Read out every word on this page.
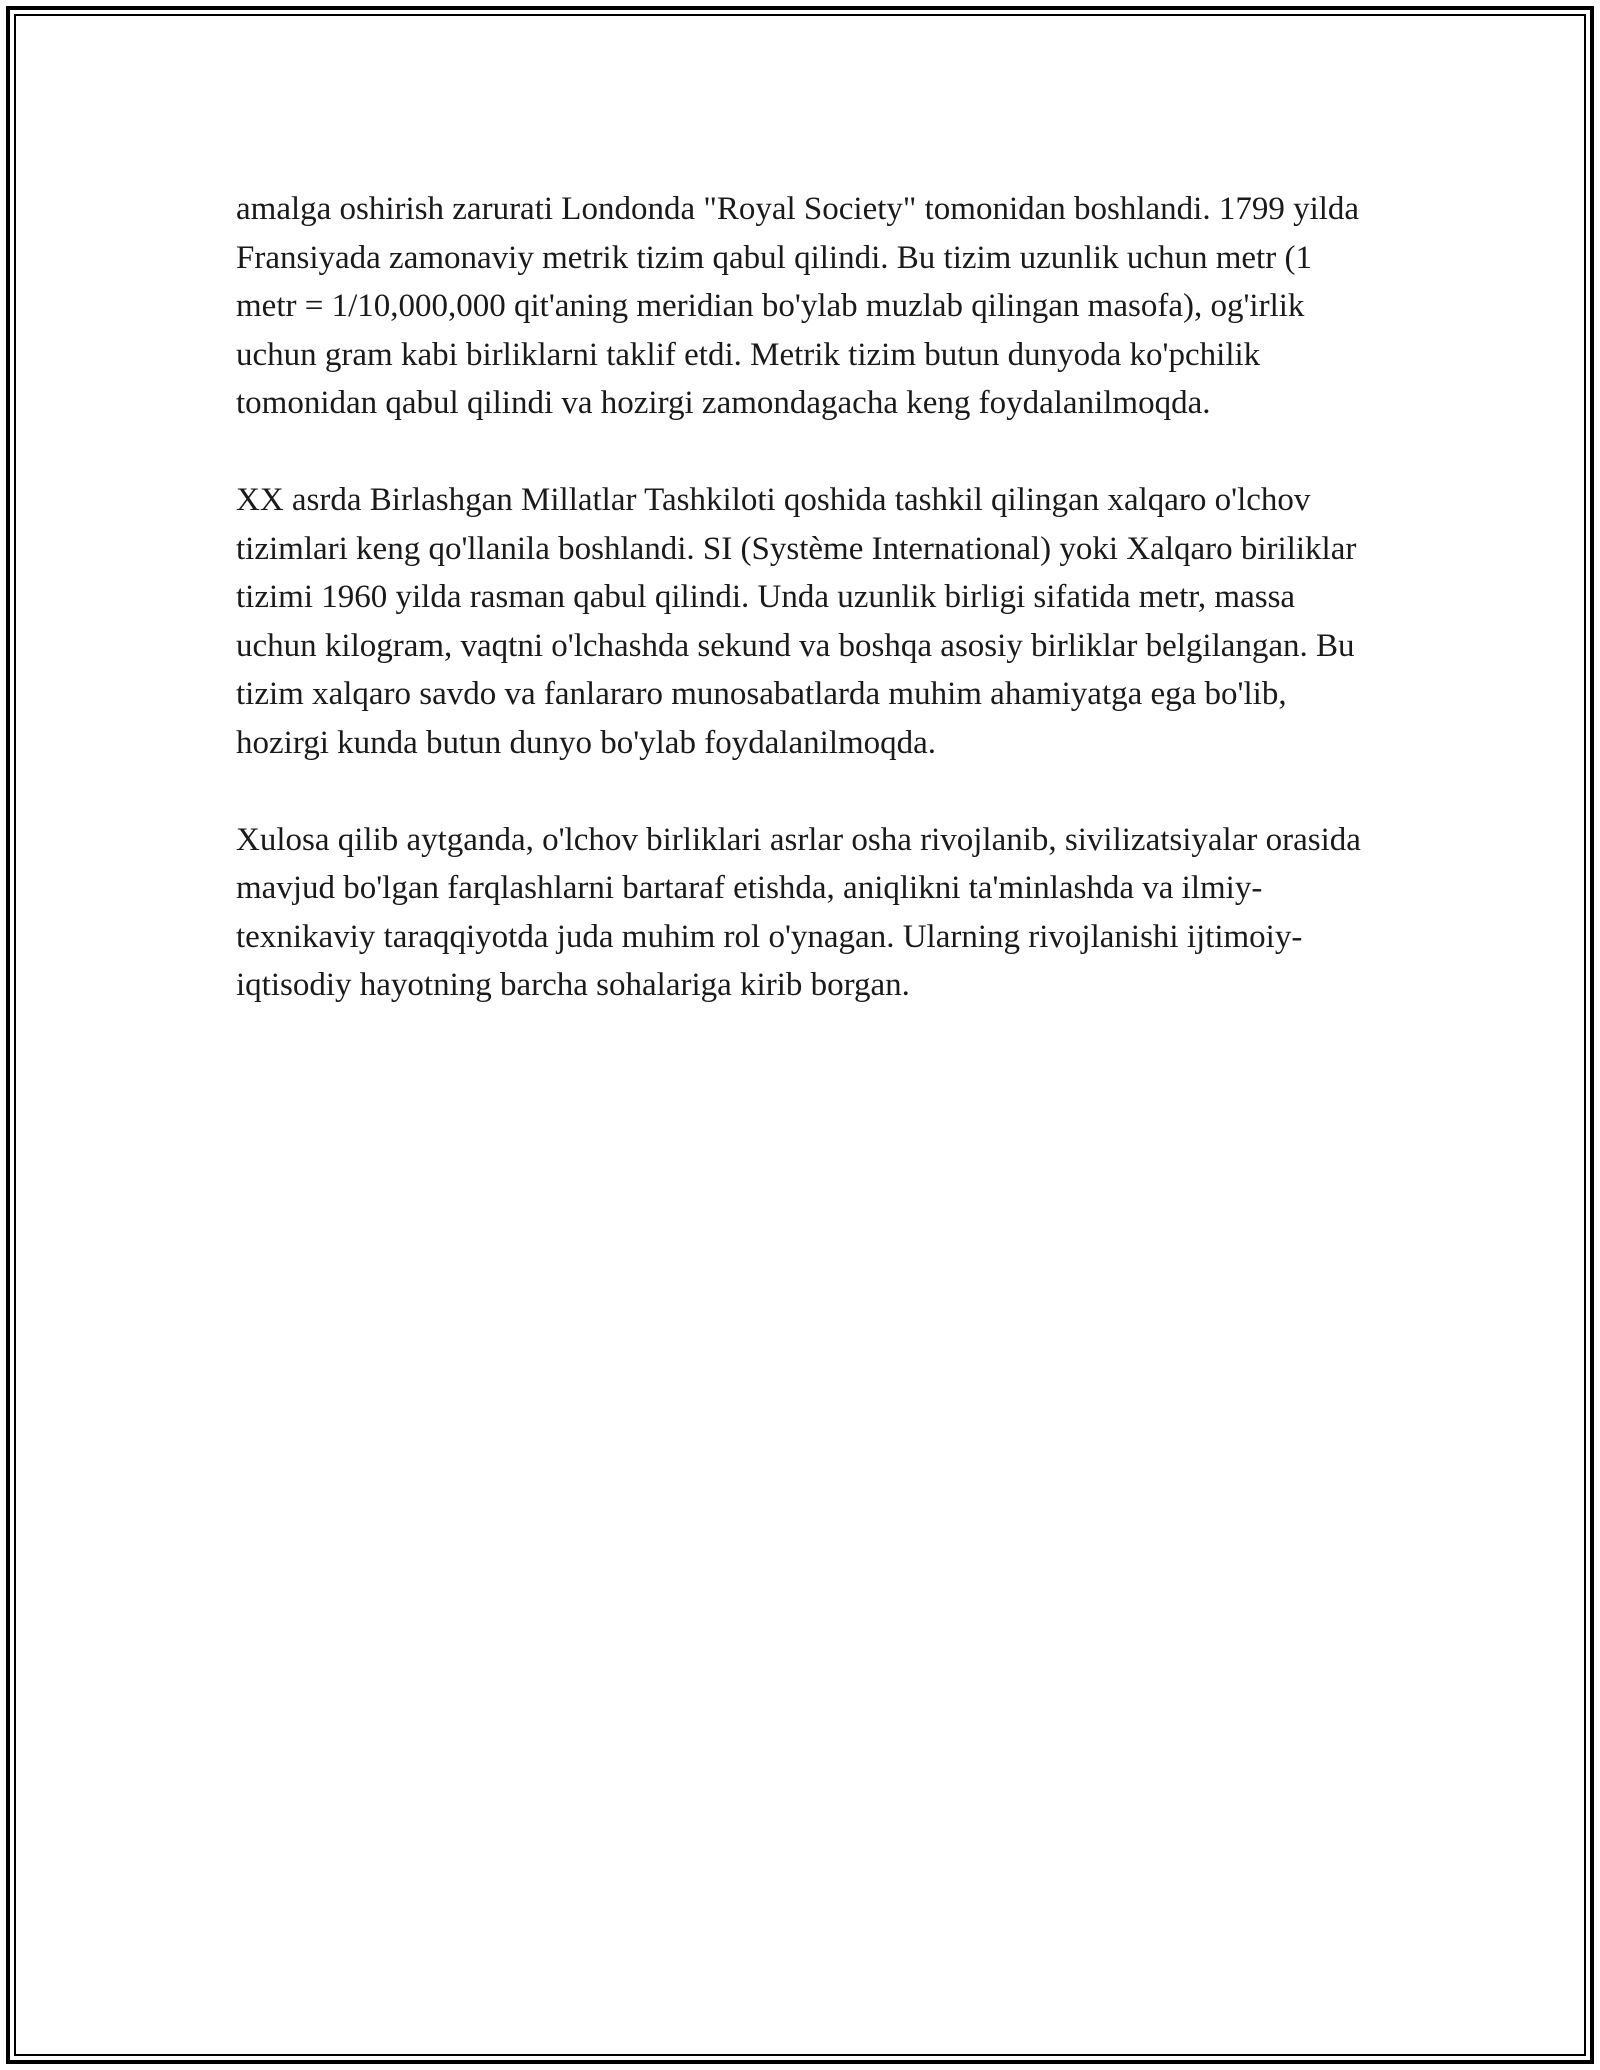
amalga oshirish zarurati Londonda "Royal Society" tomonidan boshlandi. 1799 yilda Fransiyada zamonaviy metrik tizim qabul qilindi. Bu tizim uzunlik uchun metr (1 metr = 1/10,000,000 qit'aning meridian bo'ylab muzlab qilingan masofa), og'irlik uchun gram kabi birliklarni taklif etdi. Metrik tizim butun dunyoda ko'pchilik tomonidan qabul qilindi va hozirgi zamondagacha keng foydalanilmoqda.

XX asrda Birlashgan Millatlar Tashkiloti qoshida tashkil qilingan xalqaro o'lchov tizimlari keng qo'llanila boshlandi. SI (Système International) yoki Xalqaro biriliklar tizimi 1960 yilda rasman qabul qilindi. Unda uzunlik birligi sifatida metr, massa uchun kilogram, vaqtni o'lchashda sekund va boshqa asosiy birliklar belgilangan. Bu tizim xalqaro savdo va fanlararo munosabatlarda muhim ahamiyatga ega bo'lib, hozirgi kunda butun dunyo bo'ylab foydalanilmoqda.

Xulosa qilib aytganda, o'lchov birliklari asrlar osha rivojlanib, sivilizatsiyalar orasida mavjud bo'lgan farqlashlarni bartaraf etishda, aniqlikni ta'minlashda va ilmiy-texnikaviy taraqqiyotda juda muhim rol o'ynagan. Ularning rivojlanishi ijtimoiy-iqtisodiy hayotning barcha sohalariga kirib borgan.
